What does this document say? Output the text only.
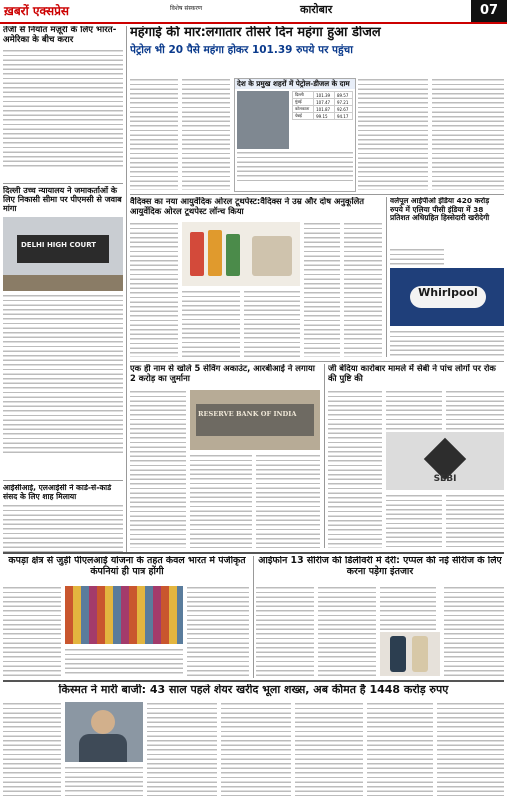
ख़बरों एक्सप्रेस	विशेष संस्करण	कारोबार	07
तेजी से निर्यात मंज़ूरी के लिए भारत-अमेरिका के बीच करार
दिल्ली उच्च न्यायालय ने जमाकर्ताओं के लिए निकासी सीमा पर पीएमसी से जवाब मांगा
DELHI HIGH COURT
आईसीआई, एलआईसी ने कार्ड-से-कार्ड संसद के लिए शाह मिलाया
महंगाई की मार:लगातार तीसरे दिन महंगा हुआ डीजल
पेट्रोल भी 20 पैसे महंगा होकर 101.39 रुपये पर पहुंचा
देश के प्रमुख शहरों में पेट्रोल-डीजल के दाम
दिल्ली	101.39	89.57
मुंबई	107.47	97.21
कोलकाता	101.87	92.67
चेन्नई	99.15	94.17
वैदिक्स का नया आयुर्वेदिक ओरल टूथपेस्ट:वैदिक्स ने उम्र और दोष अनुकूलित आयुर्वेदिक ओरल टूथपेस्ट लॉन्च किया
वर्लपूल आईपीओ इंडिया 420 करोड़ रुपये में एलिया पीसी इंडिया में 38 प्रतिशत अधिग्रहित हिस्सेदारी खरीदेगी
Whirlpool
एक ही नाम से खोले 5 सेविंग अकाउंट, आरबीआई ने लगाया 2 करोड़ का जुर्माना
RESERVE BANK OF INDIA
जी बेदिया कारोबार मामले में सेबी ने पांच लोगों पर रोक की पुष्टि की
SEBI
कपड़ा क्षेत्र से जुड़ी पीएलआई योजना के तहत केवल भारत में पंजीकृत कंपनियां ही पात्र होंगी
आईफोन 13 सीरीज की डिलीवरी में देरी: एप्पल की नई सीरीज के लिए करना पड़ेगा इंतजार
किस्मत ने मारी बाजी: 43 साल पहले शेयर खरीद भूला शख्स, अब कीमत है 1448 करोड़ रुपए
